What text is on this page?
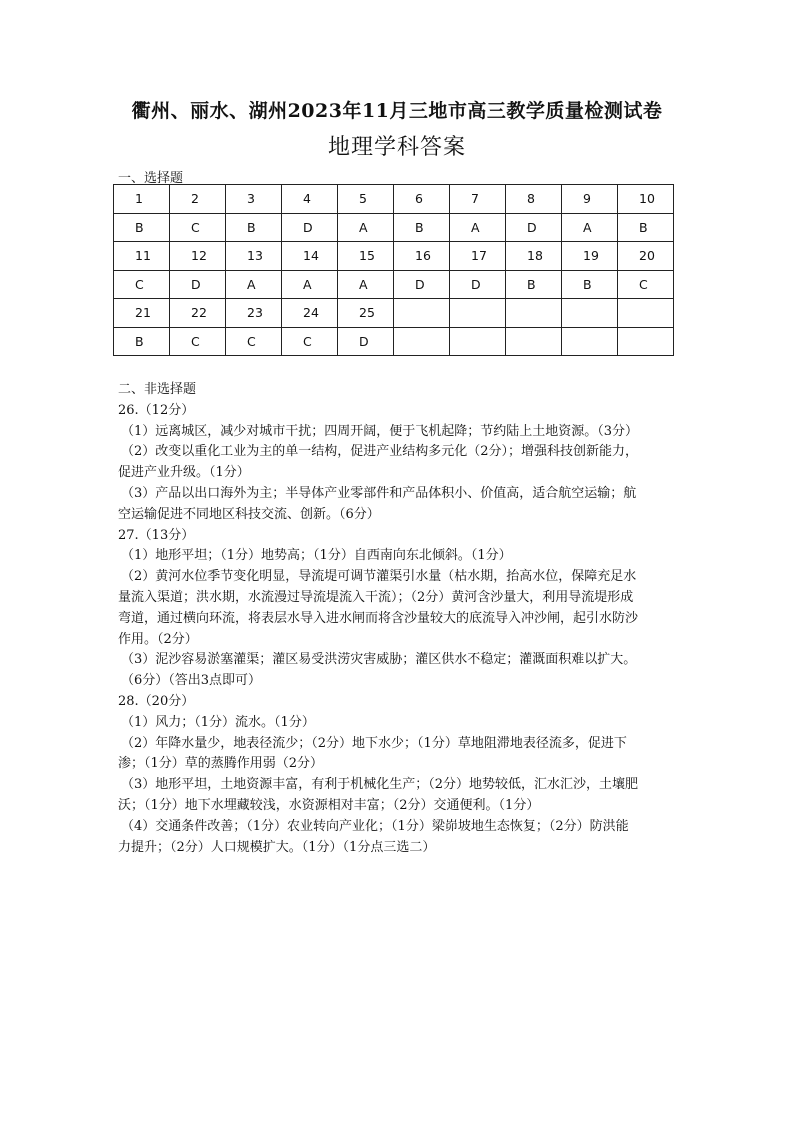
衢州、丽水、湖州2023年11月三地市高三教学质量检测试卷
地理学科答案
一、选择题
1	2	3	4	5	6	7	8	9	10
B	C	B	D	A	B	A	D	A	B
11	12	13	14	15	16	17	18	19	20
C	D	A	A	A	D	D	B	B	C
21	22	23	24	25					
B	C	C	C	D					

二、非选择题

26.（12分）

（1）远离城区，减少对城市干扰；四周开阔，便于飞机起降；节约陆上土地资源。（3分）

（2）改变以重化工业为主的单一结构，促进产业结构多元化（2分）；增强科技创新能力，

促进产业升级。（1分）

（3）产品以出口海外为主；半导体产业零部件和产品体积小、价值高，适合航空运输；航

空运输促进不同地区科技交流、创新。（6分）

27.（13分）

（1）地形平坦；（1分）地势高；（1分）自西南向东北倾斜。（1分）

（2）黄河水位季节变化明显，导流堤可调节灌渠引水量（枯水期，抬高水位，保障充足水

量流入渠道；洪水期，水流漫过导流堤流入干流）；（2分）黄河含沙量大，利用导流堤形成

弯道，通过横向环流，将表层水导入进水闸而将含沙量较大的底流导入冲沙闸，起引水防沙

作用。（2分）

（3）泥沙容易淤塞灌渠；灌区易受洪涝灾害威胁；灌区供水不稳定；灌溉面积难以扩大。

（6分）（答出3点即可）

28.（20分）

（1）风力；（1分）流水。（1分）

（2）年降水量少，地表径流少；（2分）地下水少；（1分）草地阻滞地表径流多，促进下

渗；（1分）草的蒸腾作用弱（2分）

（3）地形平坦，土地资源丰富，有利于机械化生产；（2分）地势较低，汇水汇沙，土壤肥

沃；（1分）地下水埋藏较浅，水资源相对丰富；（2分）交通便利。（1分）

（4）交通条件改善；（1分）农业转向产业化；（1分）梁峁坡地生态恢复；（2分）防洪能

力提升；（2分）人口规模扩大。（1分）（1分点三选二）
